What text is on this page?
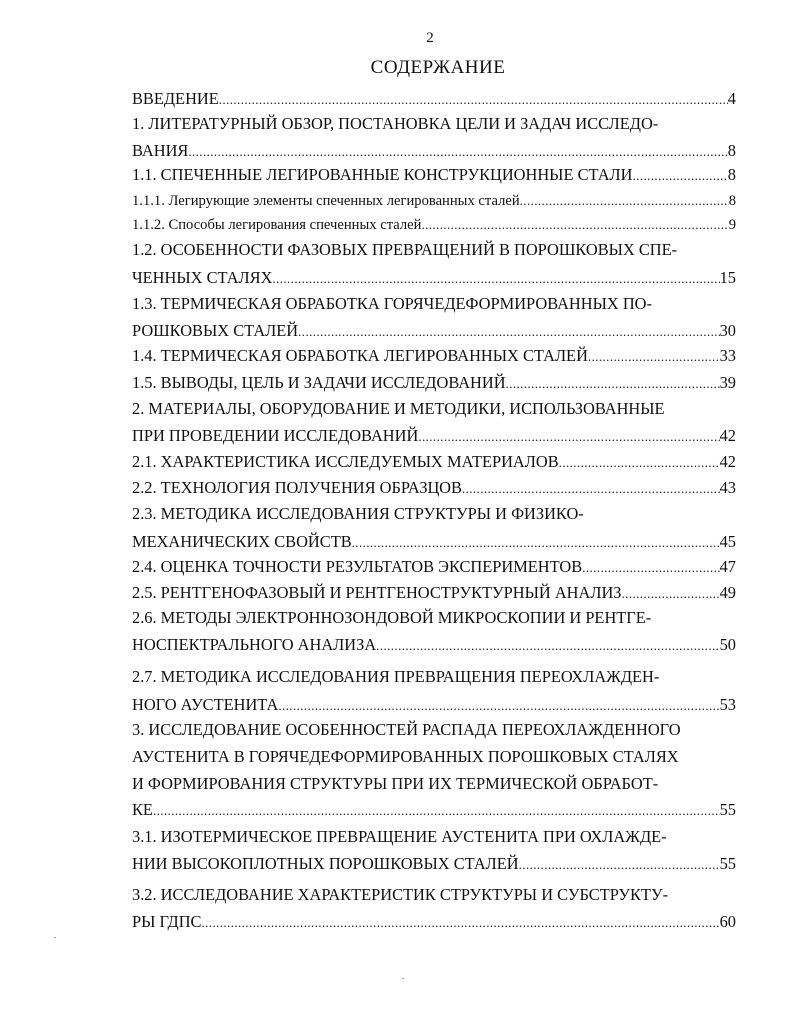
2
СОДЕРЖАНИЕ
ВВЕДЕНИЕ .....	4
1. ЛИТЕРАТУРНЫЙ ОБЗОР, ПОСТАНОВКА ЦЕЛИ И ЗАДАЧ ИССЛЕДО-
ВАНИЯ .....	8
1.1. СПЕЧЕННЫЕ ЛЕГИРОВАННЫЕ КОНСТРУКЦИОННЫЕ СТАЛИ .....	8
1.1.1. Легирующие элементы спеченных легированных сталей .....	8
1.1.2. Способы легирования спеченных сталей .....	9
1.2. ОСОБЕННОСТИ ФАЗОВЫХ ПРЕВРАЩЕНИЙ В ПОРОШКОВЫХ СПЕ-
ЧЕННЫХ СТАЛЯХ .....	15
1.3. ТЕРМИЧЕСКАЯ ОБРАБОТКА ГОРЯЧЕДЕФОРМИРОВАННЫХ ПО-
РОШКОВЫХ СТАЛЕЙ .....	30
1.4. ТЕРМИЧЕСКАЯ ОБРАБОТКА ЛЕГИРОВАННЫХ СТАЛЕЙ .....	33
1.5. ВЫВОДЫ, ЦЕЛЬ И ЗАДАЧИ ИССЛЕДОВАНИЙ .....	39
2. МАТЕРИАЛЫ, ОБОРУДОВАНИЕ И МЕТОДИКИ, ИСПОЛЬЗОВАННЫЕ
ПРИ ПРОВЕДЕНИИ ИССЛЕДОВАНИЙ .....	42
2.1. ХАРАКТЕРИСТИКА ИССЛЕДУЕМЫХ МАТЕРИАЛОВ .....	42
2.2. ТЕХНОЛОГИЯ ПОЛУЧЕНИЯ ОБРАЗЦОВ .....	43
2.3. МЕТОДИКА ИССЛЕДОВАНИЯ СТРУКТУРЫ И ФИЗИКО-
МЕХАНИЧЕСКИХ СВОЙСТВ .....	45
2.4. ОЦЕНКА ТОЧНОСТИ РЕЗУЛЬТАТОВ ЭКСПЕРИМЕНТОВ .....	47
2.5. РЕНТГЕНОФАЗОВЫЙ И РЕНТГЕНОСТРУКТУРНЫЙ АНАЛИЗ .....	49
2.6. МЕТОДЫ ЭЛЕКТРОННОЗОНДОВОЙ МИКРОСКОПИИ И РЕНТГЕ-
НОСПЕКТРАЛЬНОГО АНАЛИЗА .....	50
2.7. МЕТОДИКА ИССЛЕДОВАНИЯ ПРЕВРАЩЕНИЯ ПЕРЕОХЛАЖДЕН-
НОГО АУСТЕНИТА .....	53
3. ИССЛЕДОВАНИЕ ОСОБЕННОСТЕЙ РАСПАДА ПЕРЕОХЛАЖДЕННОГО
АУСТЕНИТА В ГОРЯЧЕДЕФОРМИРОВАННЫХ ПОРОШКОВЫХ СТАЛЯХ
И ФОРМИРОВАНИЯ СТРУКТУРЫ ПРИ ИХ ТЕРМИЧЕСКОЙ ОБРАБОТ-
КЕ .....	55
3.1. ИЗОТЕРМИЧЕСКОЕ ПРЕВРАЩЕНИЕ АУСТЕНИТА ПРИ ОХЛАЖДЕ-
НИИ ВЫСОКОПЛОТНЫХ ПОРОШКОВЫХ СТАЛЕЙ .....	55
3.2. ИССЛЕДОВАНИЕ ХАРАКТЕРИСТИК СТРУКТУРЫ И СУБСТРУКТУ-
РЫ ГДПС .....	60
